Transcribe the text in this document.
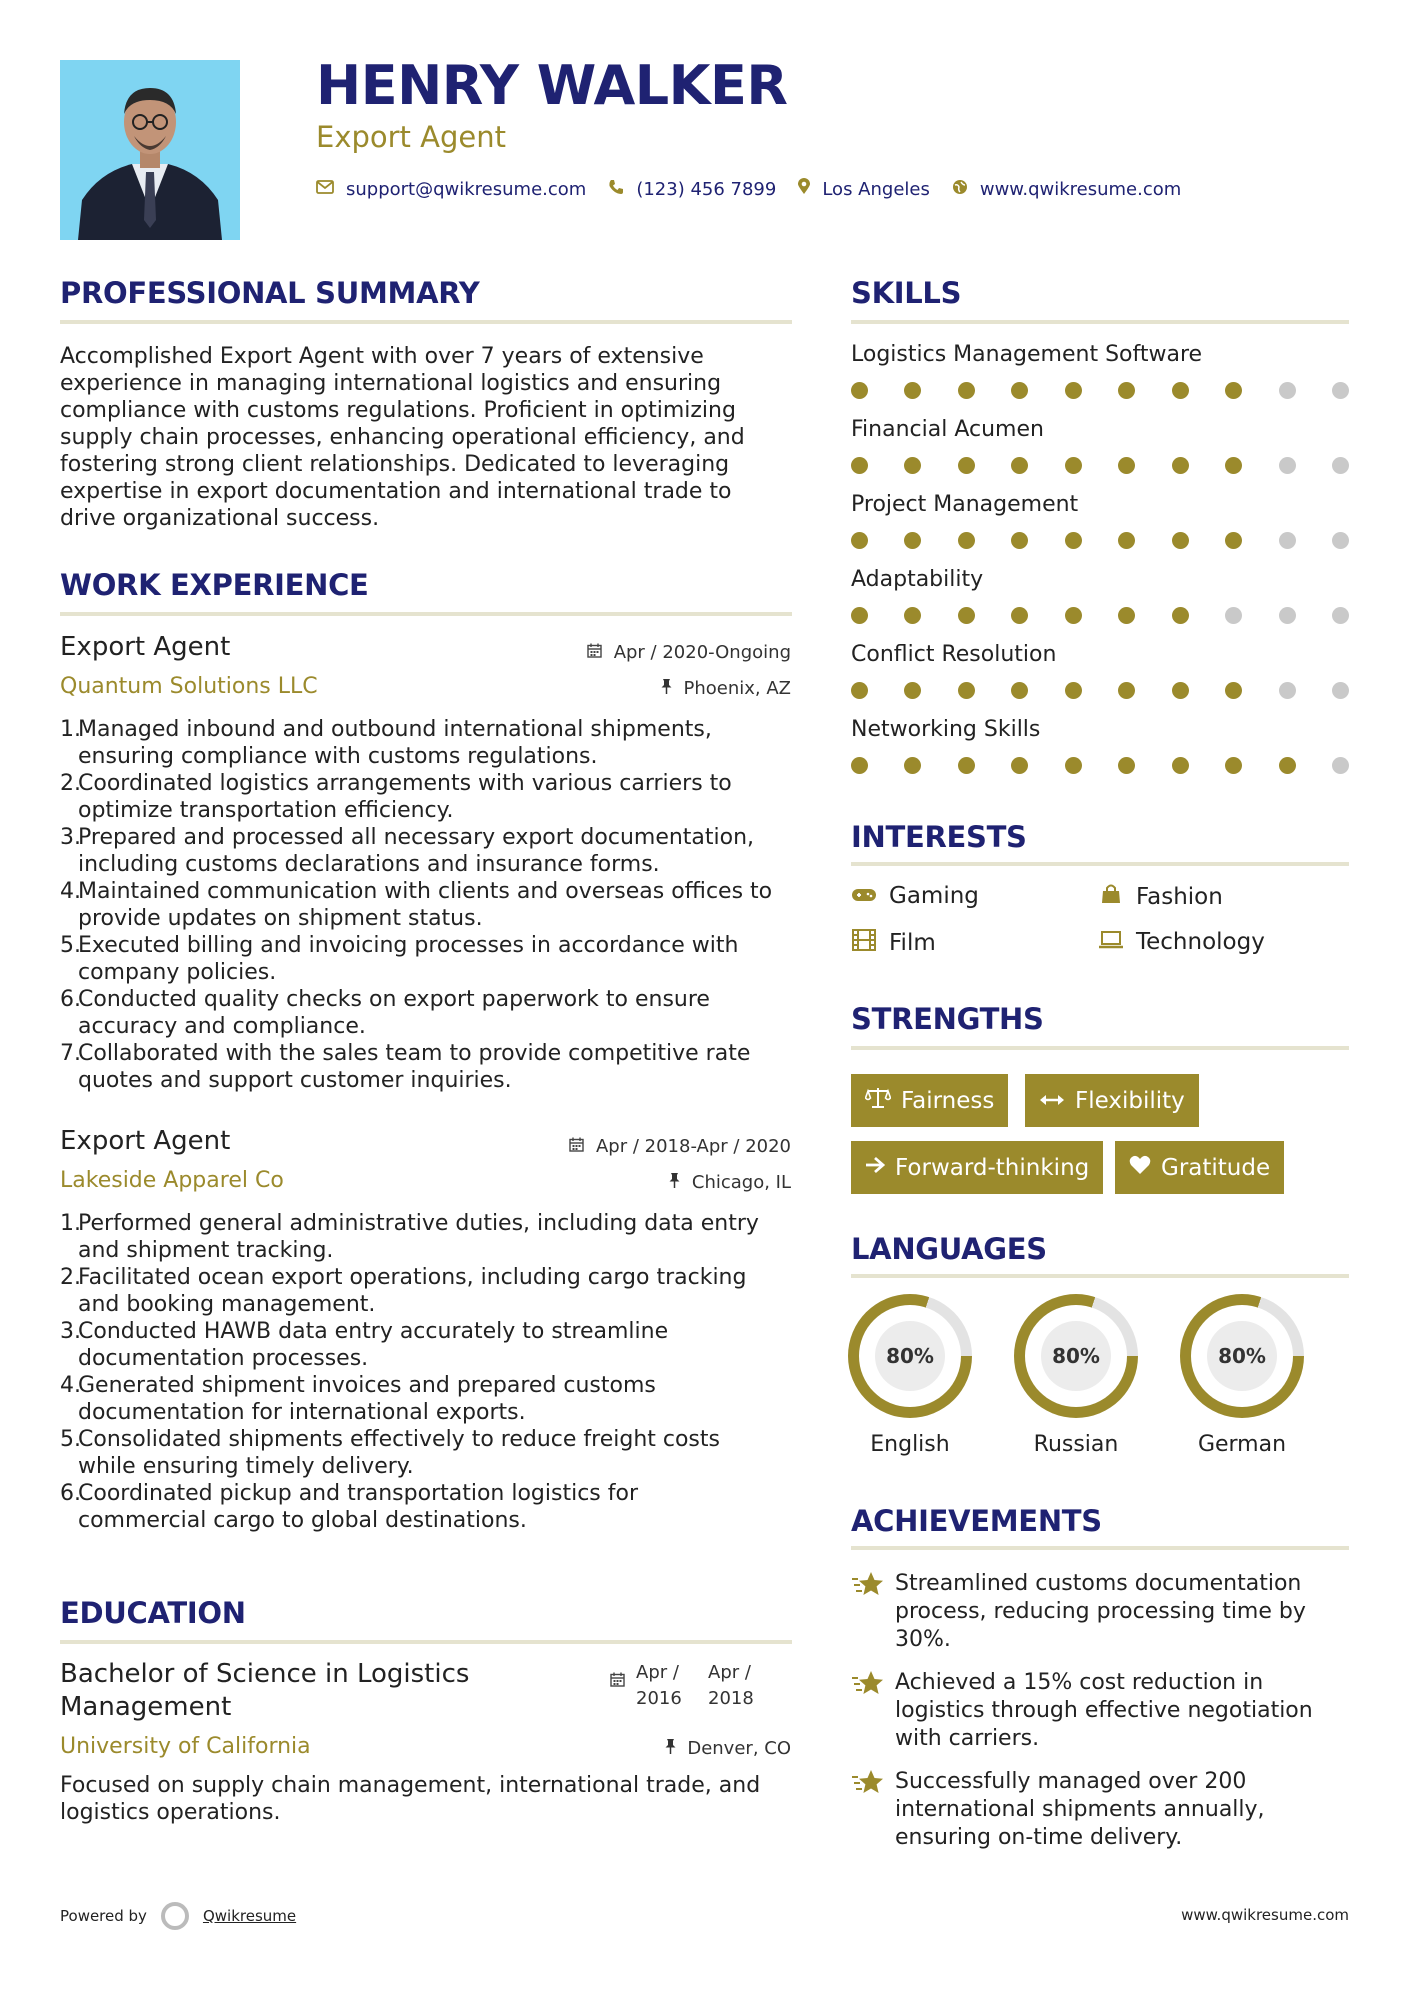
HENRY WALKER
Export Agent
support@qwikresume.com	(123) 456 7899	Los Angeles	www.qwikresume.com
PROFESSIONAL SUMMARY

Accomplished Export Agent with over 7 years of extensive

experience in managing international logistics and ensuring

compliance with customs regulations. Proficient in optimizing

supply chain processes, enhancing operational efficiency, and

fostering strong client relationships. Dedicated to leveraging

expertise in export documentation and international trade to

drive organizational success.

WORK EXPERIENCE
Export Agent	Apr / 2020-Ongoing
Quantum Solutions LLC	Phoenix, AZ
1.
Managed inbound and outbound international shipments,
ensuring compliance with customs regulations.
2.
Coordinated logistics arrangements with various carriers to
optimize transportation efficiency.
3.
Prepared and processed all necessary export documentation,
including customs declarations and insurance forms.
4.
Maintained communication with clients and overseas offices to
provide updates on shipment status.
5.
Executed billing and invoicing processes in accordance with
company policies.
6.
Conducted quality checks on export paperwork to ensure
accuracy and compliance.
7.
Collaborated with the sales team to provide competitive rate
quotes and support customer inquiries.
Export Agent	Apr / 2018-Apr / 2020
Lakeside Apparel Co	Chicago, IL
1.
Performed general administrative duties, including data entry
and shipment tracking.
2.
Facilitated ocean export operations, including cargo tracking
and booking management.
3.
Conducted HAWB data entry accurately to streamline
documentation processes.
4.
Generated shipment invoices and prepared customs
documentation for international exports.
5.
Consolidated shipments effectively to reduce freight costs
while ensuring timely delivery.
6.
Coordinated pickup and transportation logistics for
commercial cargo to global destinations.
EDUCATION
Bachelor of Science in Logistics
Management
Apr /
2016
Apr /
2018
University of California	Denver, CO

Focused on supply chain management, international trade, and

logistics operations.

SKILLS
Logistics Management Software
Financial Acumen
Project Management
Adaptability
Conflict Resolution
Networking Skills
INTERESTS
Gaming	Fashion
Film	Technology
STRENGTHS
Fairness	Flexibility
Forward-thinking	Gratitude
LANGUAGES
80%
English
80%
Russian
80%
German
ACHIEVEMENTS
Streamlined customs documentation
process, reducing processing time by
30%.
Achieved a 15% cost reduction in
logistics through effective negotiation
with carriers.
Successfully managed over 200
international shipments annually,
ensuring on-time delivery.
Powered by	Qwikresume	www.qwikresume.com
